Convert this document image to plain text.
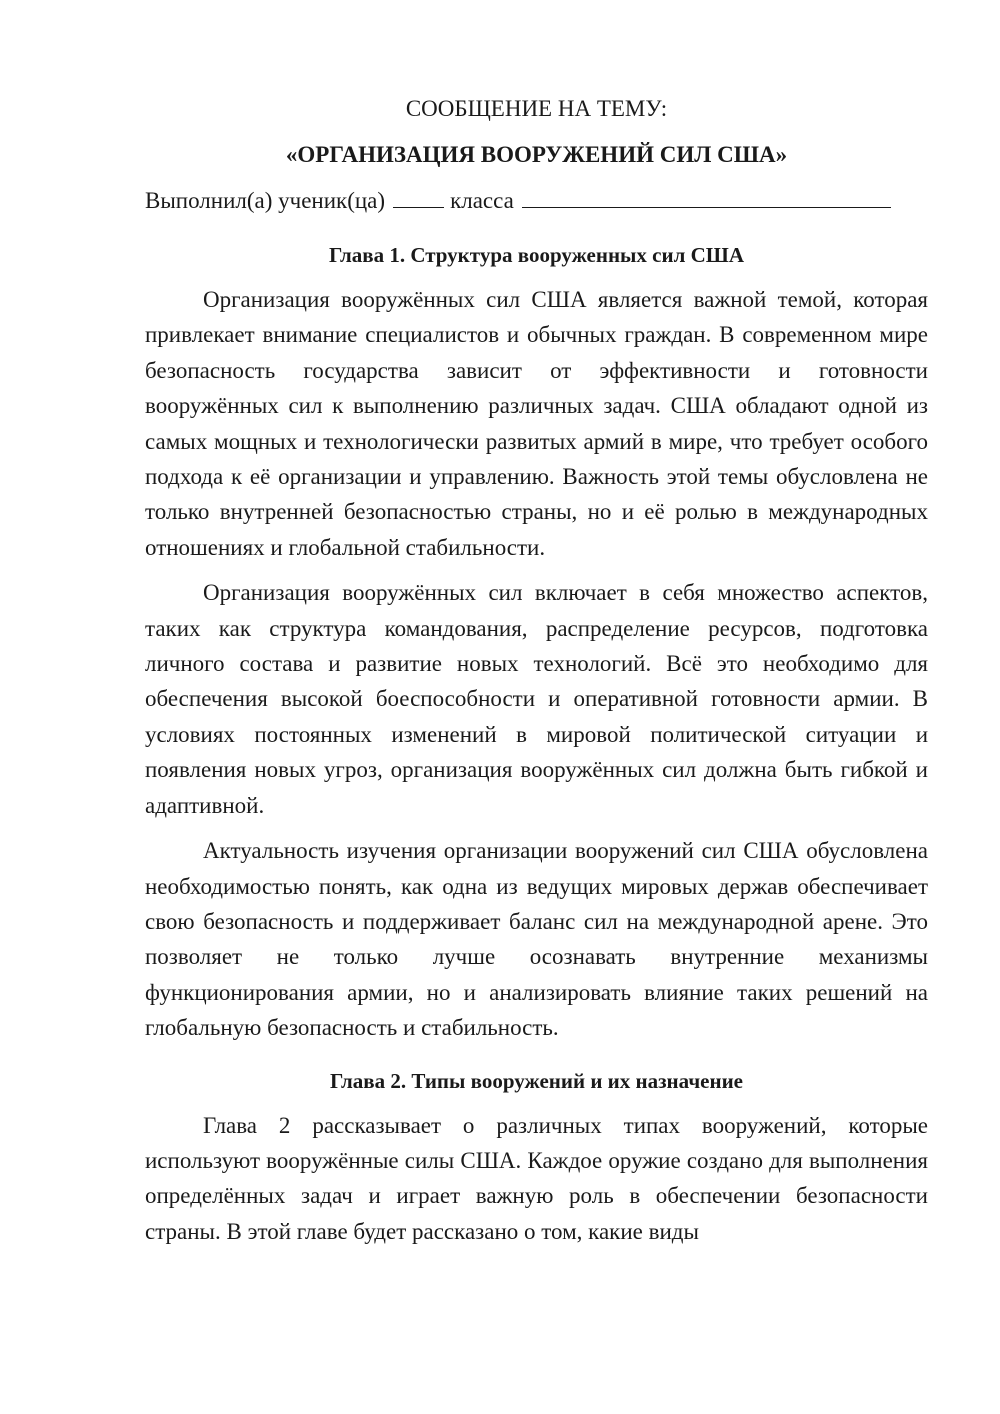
СООБЩЕНИЕ НА ТЕМУ:

«ОРГАНИЗАЦИЯ ВООРУЖЕНИЙ СИЛ США»

Выполнил(а) ученик(ца)	класса

Глава 1. Структура вооруженных сил США

Организация вооружённых сил США является важной темой, которая привлекает внимание специалистов и обычных граждан. В современном мире безопасность государства зависит от эффективности и готовности вооружённых сил к выполнению различных задач. США обладают одной из самых мощных и технологически развитых армий в мире, что требует особого подхода к её организации и управлению. Важность этой темы обусловлена не только внутренней безопасностью страны, но и её ролью в международных отношениях и глобальной стабильности.

Организация вооружённых сил включает в себя множество аспектов, таких как структура командования, распределение ресурсов, подготовка личного состава и развитие новых технологий. Всё это необходимо для обеспечения высокой боеспособности и оперативной готовности армии. В условиях постоянных изменений в мировой политической ситуации и появления новых угроз, организация вооружённых сил должна быть гибкой и адаптивной.

Актуальность изучения организации вооружений сил США обусловлена необходимостью понять, как одна из ведущих мировых держав обеспечивает свою безопасность и поддерживает баланс сил на международной арене. Это позволяет не только лучше осознавать внутренние механизмы функционирования армии, но и анализировать влияние таких решений на глобальную безопасность и стабильность.

Глава 2. Типы вооружений и их назначение

Глава 2 рассказывает о различных типах вооружений, которые используют вооружённые силы США. Каждое оружие создано для выполнения определённых задач и играет важную роль в обеспечении безопасности страны. В этой главе будет рассказано о том, какие виды
